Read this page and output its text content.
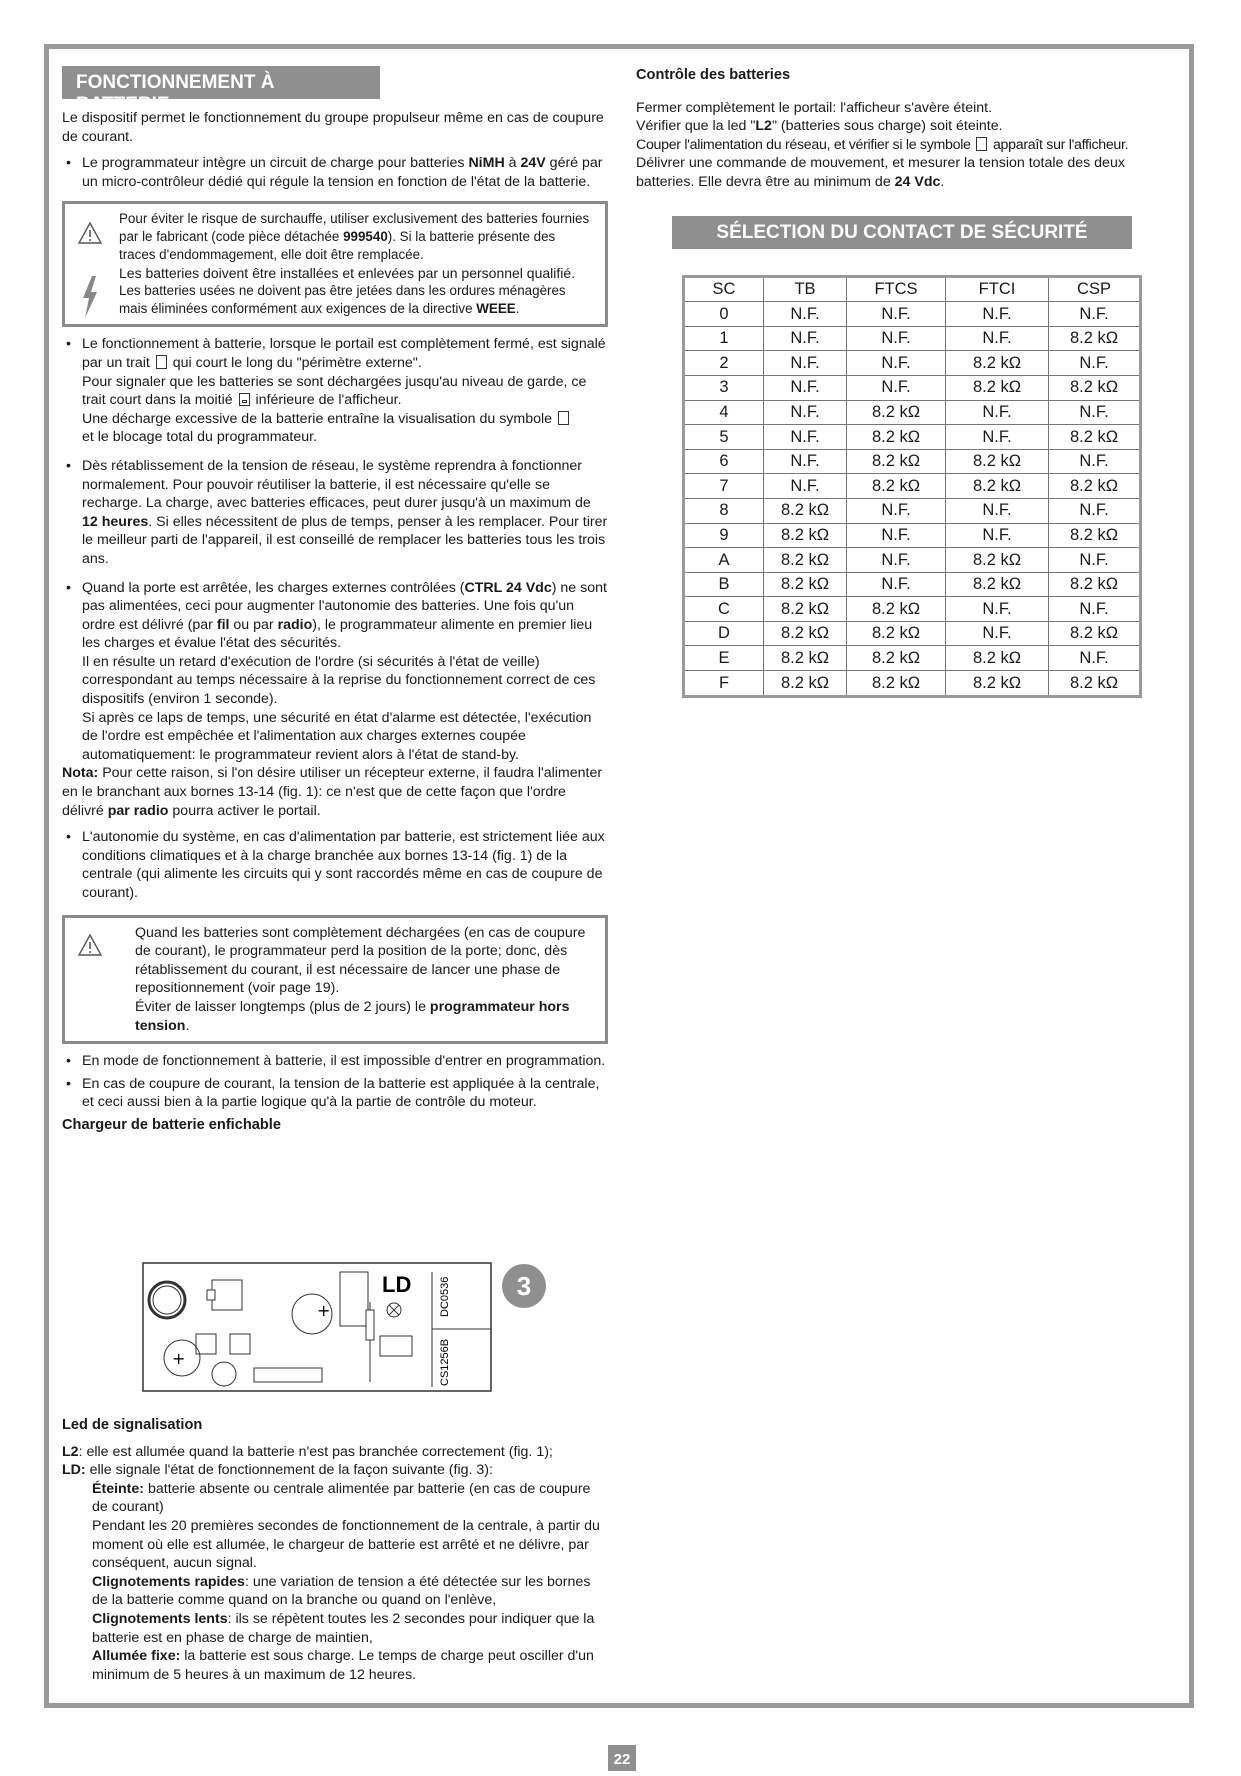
FONCTIONNEMENT À BATTERIE

Le dispositif permet le fonctionnement du groupe propulseur même en cas de coupure de courant.

• Le programmateur intègre un circuit de charge pour batteries NiMH à 24V géré par un micro-contrôleur dédié qui régule la tension en fonction de l'état de la batterie.

Pour éviter le risque de surchauffe, utiliser exclusivement des batteries fournies par le fabricant (code pièce détachée 999540). Si la batterie présente des traces d'endommagement, elle doit être remplacée.

Les batteries doivent être installées et enlevées par un personnel qualifié.

Les batteries usées ne doivent pas être jetées dans les ordures ménagères mais éliminées conformément aux exigences de la directive WEEE.

• Le fonctionnement à batterie, lorsque le portail est complètement fermé, est signalé par un trait qui court le long du "périmètre externe".
Pour signaler que les batteries se sont déchargées jusqu'au niveau de garde, ce trait court dans la moitié inférieure de l'afficheur.
Une décharge excessive de la batterie entraîne la visualisation du symbole
et le blocage total du programmateur.
• Dès rétablissement de la tension de réseau, le système reprendra à fonctionner normalement. Pour pouvoir réutiliser la batterie, il est nécessaire qu'elle se recharge. La charge, avec batteries efficaces, peut durer jusqu'à un maximum de 12 heures. Si elles nécessitent de plus de temps, penser à les remplacer. Pour tirer le meilleur parti de l'appareil, il est conseillé de remplacer les batteries tous les trois ans.

• Quand la porte est arrêtée, les charges externes contrôlées (CTRL 24 Vdc) ne sont pas alimentées, ceci pour augmenter l'autonomie des batteries. Une fois qu'un ordre est délivré (par fil ou par radio), le programmateur alimente en premier lieu les charges et évalue l'état des sécurités.

Il en résulte un retard d'exécution de l'ordre (si sécurités à l'état de veille) correspondant au temps nécessaire à la reprise du fonctionnement correct de ces dispositifs (environ 1 seconde).

Si après ce laps de temps, une sécurité en état d'alarme est détectée, l'exécution de l'ordre est empêchée et l'alimentation aux charges externes coupée automatiquement: le programmateur revient alors à l'état de stand-by.

Nota: Pour cette raison, si l'on désire utiliser un récepteur externe, il faudra l'alimenter en le branchant aux bornes 13-14 (fig. 1): ce n'est que de cette façon que l'ordre délivré par radio pourra activer le portail.

• L'autonomie du système, en cas d'alimentation par batterie, est strictement liée aux conditions climatiques et à la charge branchée aux bornes 13-14 (fig. 1) de la centrale (qui alimente les circuits qui y sont raccordés même en cas de coupure de courant).

Quand les batteries sont complètement déchargées (en cas de coupure de courant), le programmateur perd la position de la porte; donc, dès rétablissement du courant, il est nécessaire de lancer une phase de repositionnement (voir page 19).

Éviter de laisser longtemps (plus de 2 jours) le programmateur hors tension.

• En mode de fonctionnement à batterie, il est impossible d'entrer en programmation.
• En cas de coupure de courant, la tension de la batterie est appliquée à la centrale, et ceci aussi bien à la partie logique qu'à la partie de contrôle du moteur.
Chargeur de batterie enfichable
+
+
LD	DC0536
CS1256B
3
Led de signalisation

L2: elle est allumée quand la batterie n'est pas branchée correctement (fig. 1);

LD: elle signale l'état de fonctionnement de la façon suivante (fig. 3):

Éteinte: batterie absente ou centrale alimentée par batterie (en cas de coupure de courant)

Pendant les 20 premières secondes de fonctionnement de la centrale, à partir du moment où elle est allumée, le chargeur de batterie est arrêté et ne délivre, par conséquent, aucun signal.

Clignotements rapides: une variation de tension a été détectée sur les bornes de la batterie comme quand on la branche ou quand on l'enlève,

Clignotements lents: ils se répètent toutes les 2 secondes pour indiquer que la batterie est en phase de charge de maintien,

Allumée fixe: la batterie est sous charge. Le temps de charge peut osciller d'un minimum de 5 heures à un maximum de 12 heures.

Contrôle des batteries

Fermer complètement le portail: l'afficheur s'avère éteint.

Vérifier que la led "L2" (batteries sous charge) soit éteinte.

Couper l'alimentation du réseau, et vérifier si le symbole apparaît sur l'afficheur.

Délivrer une commande de mouvement, et mesurer la tension totale des deux batteries. Elle devra être au minimum de 24 Vdc.

SÉLECTION DU CONTACT DE SÉCURITÉ
SC	TB	FTCS	FTCI	CSP
0	N.F.	N.F.	N.F.	N.F.
1	N.F.	N.F.	N.F.	8.2 kΩ
2	N.F.	N.F.	8.2 kΩ	N.F.
3	N.F.	N.F.	8.2 kΩ	8.2 kΩ
4	N.F.	8.2 kΩ	N.F.	N.F.
5	N.F.	8.2 kΩ	N.F.	8.2 kΩ
6	N.F.	8.2 kΩ	8.2 kΩ	N.F.
7	N.F.	8.2 kΩ	8.2 kΩ	8.2 kΩ
8	8.2 kΩ	N.F.	N.F.	N.F.
9	8.2 kΩ	N.F.	N.F.	8.2 kΩ
A	8.2 kΩ	N.F.	8.2 kΩ	N.F.
B	8.2 kΩ	N.F.	8.2 kΩ	8.2 kΩ
C	8.2 kΩ	8.2 kΩ	N.F.	N.F.
D	8.2 kΩ	8.2 kΩ	N.F.	8.2 kΩ
E	8.2 kΩ	8.2 kΩ	8.2 kΩ	N.F.
F	8.2 kΩ	8.2 kΩ	8.2 kΩ	8.2 kΩ
22
